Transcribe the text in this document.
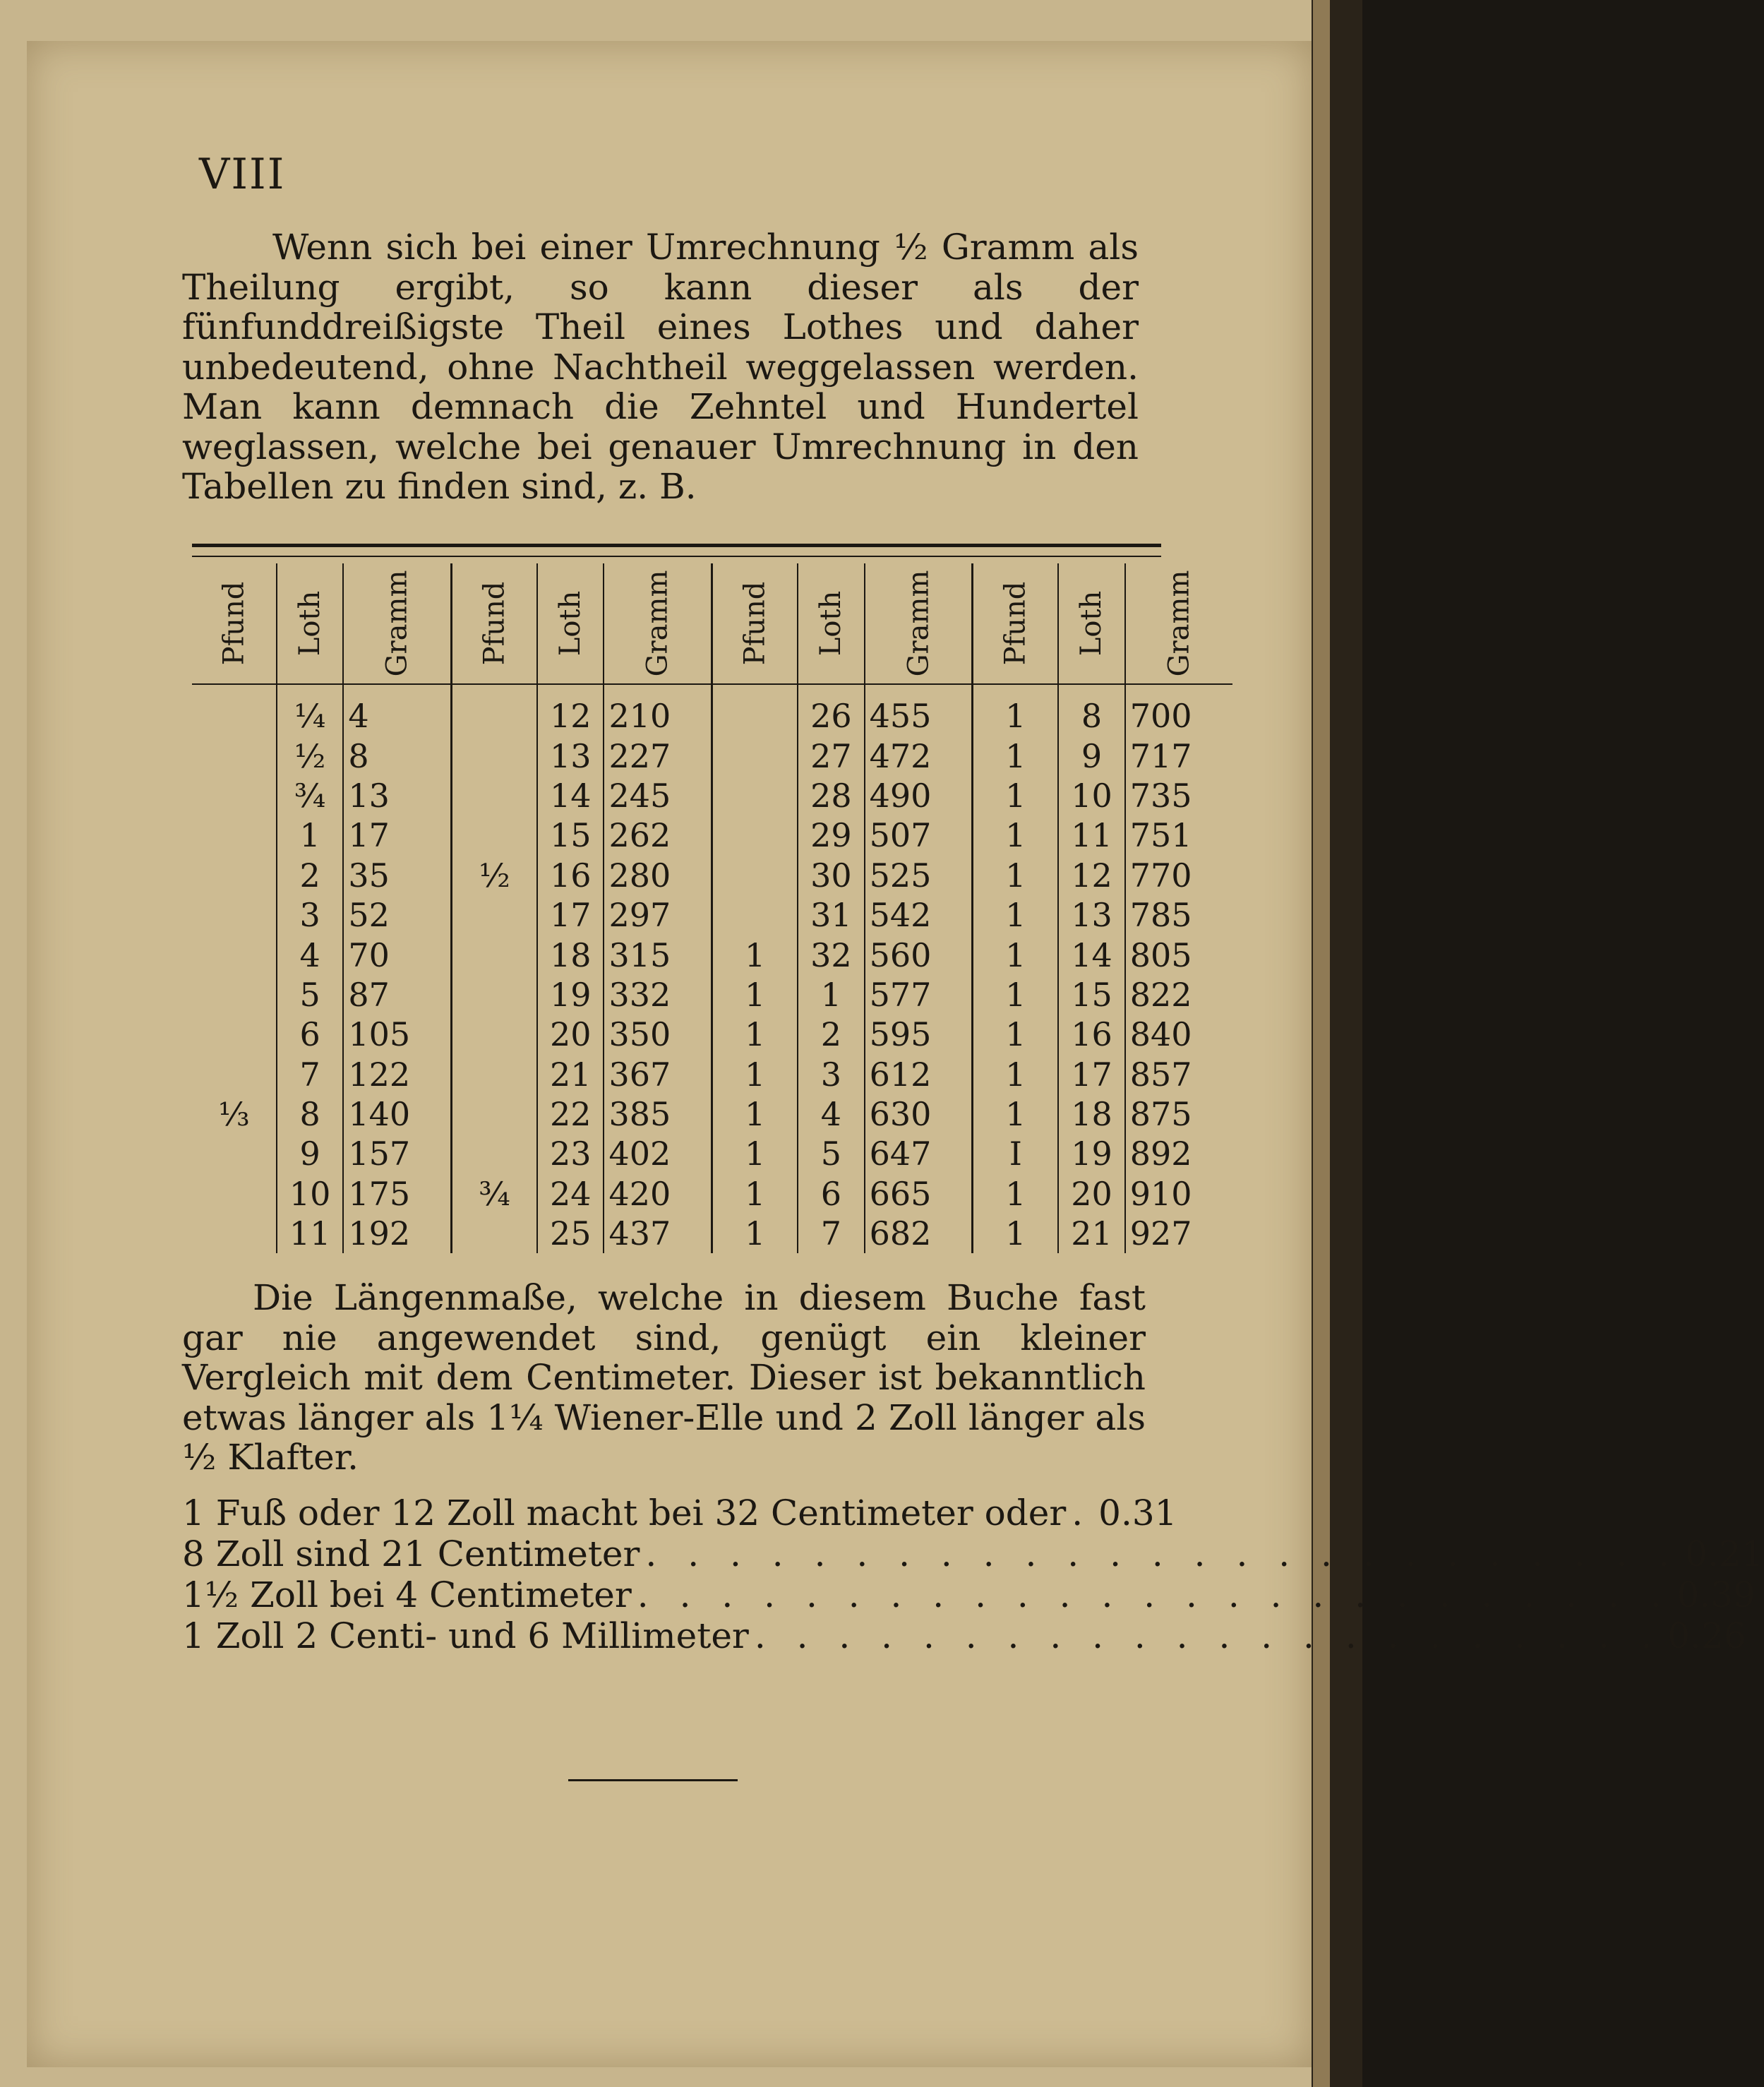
VIII

Wenn sich bei einer Umrechnung ½ Gramm als Theilung ergibt, so kann dieser als der fünfunddreißigste Theil eines Lothes und daher unbedeutend, ohne Nachtheil weggelassen werden. Man kann demnach die Zehntel und Hundertel weglassen, welche bei genauer Umrechnung in den Tabellen zu finden sind, z. B.

Pfund	Loth	Gramm	Pfund	Loth	Gramm	Pfund	Loth	Gramm	Pfund	Loth	Gramm
	¼	4		12	210		26	455	1	8	700
	½	8		13	227		27	472	1	9	717
	¾	13		14	245		28	490	1	10	735
	1	17		15	262		29	507	1	11	751
	2	35	½	16	280		30	525	1	12	770
	3	52		17	297		31	542	1	13	785
	4	70		18	315	1	32	560	1	14	805
	5	87		19	332	1	1	577	1	15	822
	6	105		20	350	1	2	595	1	16	840
	7	122		21	367	1	3	612	1	17	857
⅓	8	140		22	385	1	4	630	1	18	875
	9	157		23	402	1	5	647	I	19	892
	10	175	¾	24	420	1	6	665	1	20	910
	11	192		25	437	1	7	682	1	21	927

Die Längenmaße, welche in diesem Buche fast gar nie angewendet sind, genügt ein kleiner Vergleich mit dem Centimeter. Dieser ist bekanntlich etwas länger als 1¼ Wiener-Elle und 2 Zoll länger als ½ Klafter.

1 Fuß oder 12 Zoll macht bei 32 Centimeter oder . 0.31
8 Zoll sind 21 Centimeter . . . . . . . . . . . . . . . . . . . . . . . . . 0.21
1½ Zoll bei 4 Centimeter . . . . . . . . . . . . . . . . . . . . . . . . . 0.39
1 Zoll 2 Centi- und 6 Millimeter . . . . . . . . . . . . . . . . . . . . . . 0.26
